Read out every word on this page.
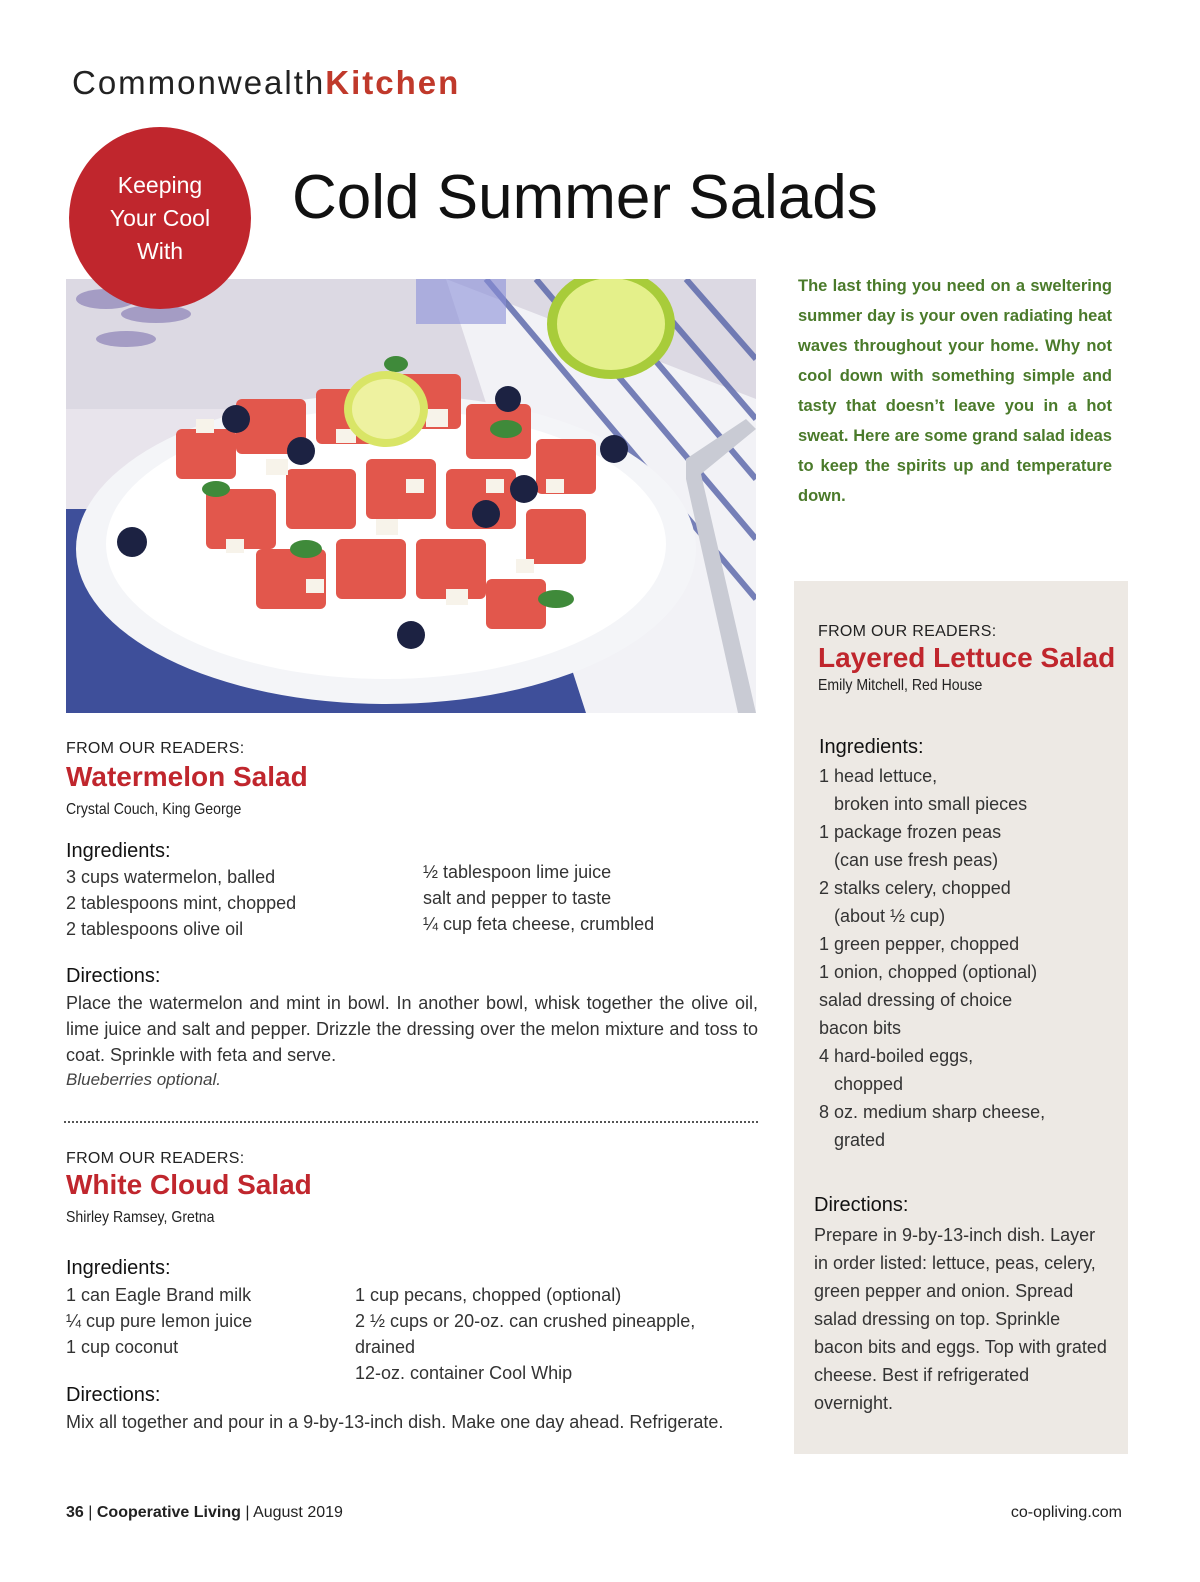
CommonwealthKitchen
Keeping
Your Cool
With
Cold Summer Salads

The last thing you need on a sweltering summer day is your oven radiating heat waves throughout your home. Why not cool down with something simple and tasty that doesn’t leave you in a hot sweat. Here are some grand salad ideas to keep the spirits up and temperature down.

FROM OUR READERS:
Watermelon Salad
Crystal Couch, King George
Ingredients:
3 cups watermelon, balled
2 tablespoons mint, chopped
2 tablespoons olive oil
½ tablespoon lime juice
salt and pepper to taste
¼ cup feta cheese, crumbled
Directions:

Place the watermelon and mint in bowl. In another bowl, whisk together the olive oil, lime juice and salt and pepper. Drizzle the dressing over the melon mixture and toss to coat. Sprinkle with feta and serve.

Blueberries optional.
FROM OUR READERS:
White Cloud Salad
Shirley Ramsey, Gretna
Ingredients:
1 can Eagle Brand milk
¼ cup pure lemon juice
1 cup coconut
1 cup pecans, chopped (optional)
2 ½ cups or 20-oz. can crushed pineapple, drained
12-oz. container Cool Whip
Directions:

Mix all together and pour in a 9-by-13-inch dish. Make one day ahead. Refrigerate.

FROM OUR READERS:
Layered Lettuce Salad
Emily Mitchell, Red House
Ingredients:
1 head lettuce,
broken into small pieces
1 package frozen peas
(can use fresh peas)
2 stalks celery, chopped
(about ½ cup)
1 green pepper, chopped
1 onion, chopped (optional)
salad dressing of choice
bacon bits
4 hard-boiled eggs,
chopped
8 oz. medium sharp cheese,
grated
Directions:

Prepare in 9-by-13-inch dish. Layer in order listed: lettuce, peas, celery, green pepper and onion. Spread salad dressing on top. Sprinkle bacon bits and eggs. Top with grated cheese. Best if refrigerated overnight.

36 | Cooperative Living | August 2019	co-opliving.com
